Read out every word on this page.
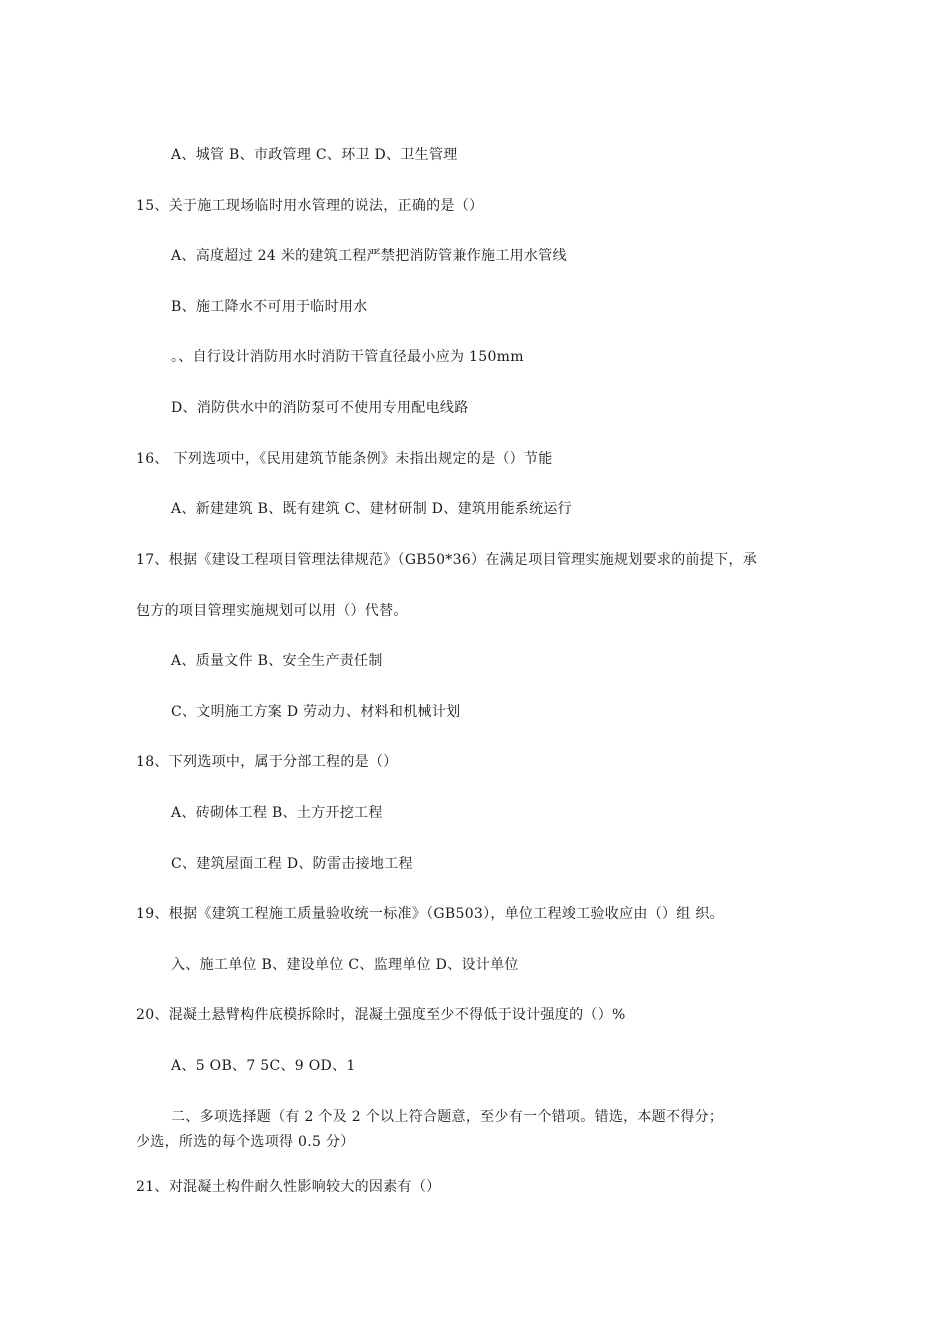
A、城管 B、市政管理 C、环卫 D、卫生管理
15、关于施工现场临时用水管理的说法，正确的是（）
A、高度超过 24 米的建筑工程严禁把消防管兼作施工用水管线
B、施工降水不可用于临时用水
。、自行设计消防用水时消防干管直径最小应为 150mm
D、消防供水中的消防泵可不使用专用配电线路
16、 下列选项中，《民用建筑节能条例》未指出规定的是（）节能
A、新建建筑 B、既有建筑 C、建材研制 D、建筑用能系统运行
17、根据《建设工程项目管理法律规范》（GB50*36）在满足项目管理实施规划要求的前提下，承
包方的项目管理实施规划可以用（）代替。
A、质量文件 B、安全生产责任制
C、文明施工方案 D 劳动力、材料和机械计划
18、下列选项中，属于分部工程的是（）
A、砖砌体工程 B、土方开挖工程
C、建筑屋面工程 D、防雷击接地工程
19、根据《建筑工程施工质量验收统一标准》（GB503），单位工程竣工验收应由（）组 织。
入、施工单位 B、建设单位 C、监理单位 D、设计单位
20、混凝土悬臂构件底模拆除时，混凝土强度至少不得低于设计强度的（）%
A、5 OB、7 5C、9 OD、1
二、多项选择题（有 2 个及 2 个以上符合题意，至少有一个错项。错选，本题不得分；
少选，所选的每个选项得 0.5 分）
21、对混凝土构件耐久性影响较大的因素有（）
